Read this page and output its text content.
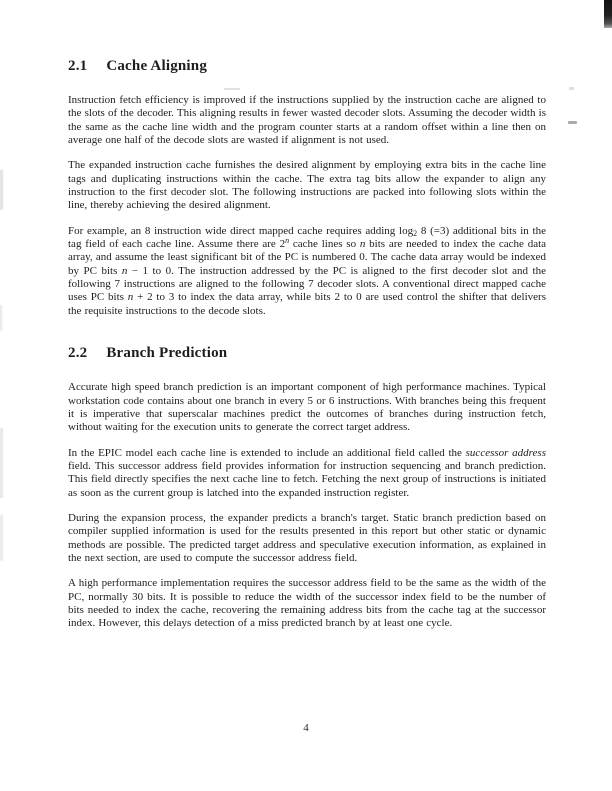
2.1 Cache Aligning

Instruction fetch efficiency is improved if the instructions supplied by the instruction cache are aligned to the slots of the decoder. This aligning results in fewer wasted decoder slots. Assuming the decoder width is the same as the cache line width and the program counter starts at a random offset within a line then on average one half of the decode slots are wasted if alignment is not used.

The expanded instruction cache furnishes the desired alignment by employing extra bits in the cache line tags and duplicating instructions within the cache. The extra tag bits allow the expander to align any instruction to the first decoder slot. The following instructions are packed into following slots within the line, thereby achieving the desired alignment.

For example, an 8 instruction wide direct mapped cache requires adding log2 8 (=3) additional bits in the tag field of each cache line. Assume there are 2$^n$ cache lines so n bits are needed to index the cache data array, and assume the least significant bit of the PC is numbered 0. The cache data array would be indexed by PC bits n − 1 to 0. The instruction addressed by the PC is aligned to the first decoder slot and the following 7 instructions are aligned to the following 7 decoder slots. A conventional direct mapped cache uses PC bits n + 2 to 3 to index the data array, while bits 2 to 0 are used control the shifter that delivers the requisite instructions to the decode slots.

2.2 Branch Prediction

Accurate high speed branch prediction is an important component of high performance machines. Typical workstation code contains about one branch in every 5 or 6 instructions. With branches being this frequent it is imperative that superscalar machines predict the outcomes of branches during instruction fetch, without waiting for the execution units to generate the correct target address.

In the EPIC model each cache line is extended to include an additional field called the successor address field. This successor address field provides information for instruction sequencing and branch prediction. This field directly specifies the next cache line to fetch. Fetching the next group of instructions is initiated as soon as the current group is latched into the expanded instruction register.

During the expansion process, the expander predicts a branch's target. Static branch prediction based on compiler supplied information is used for the results presented in this report but other static or dynamic methods are possible. The predicted target address and speculative execution information, as explained in the next section, are used to compute the successor address field.

A high performance implementation requires the successor address field to be the same as the width of the PC, normally 30 bits. It is possible to reduce the width of the successor index field to be the number of bits needed to index the cache, recovering the remaining address bits from the cache tag at the successor index. However, this delays detection of a miss predicted branch by at least one cycle.

4
